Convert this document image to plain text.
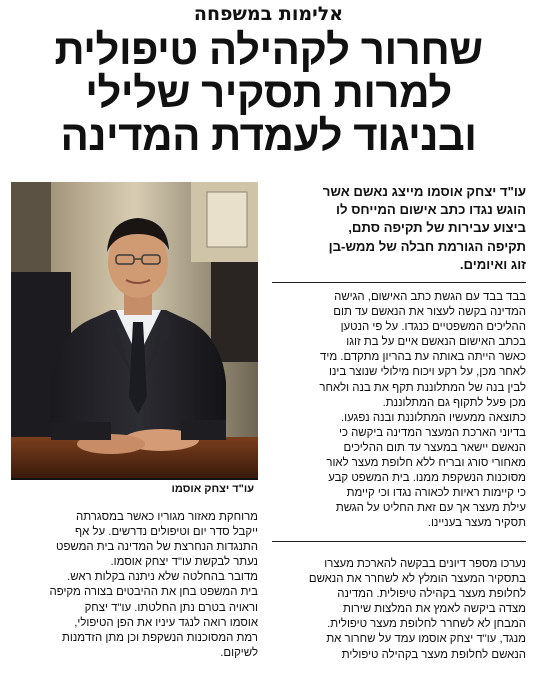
אלימות במשפחה
שחרור לקהילה טיפולית
למרות תסקיר שלילי
ובניגוד לעמדת המדינה
עו"ד יצחק אוסמו

עו"ד יצחק אוסמו מייצג נאשם אשר

הוגש נגדו כתב אישום המייחס לו

ביצוע עבירות של תקיפה סתם,

תקיפה הגורמת חבלה של ממש-בן

זוג ואיומים.

בבד בבד עם הגשת כתב האישום, הגישה

המדינה בקשה לעצור את הנאשם עד תום

ההליכים המשפטיים כנגדו. על פי הנטען

בכתב האישום הנאשם איים על בת זוגו

כאשר הייתה באותה עת בהריון מתקדם. מיד

לאחר מכן, על רקע ויכוח מילולי שנוצר בינו

לבין בנה של המתלוננת תקף את בנה ולאחר

מכן פעל לתקוף גם המתלוננת.

כתוצאה ממעשיו המתלוננת ובנה נפגעו.

בדיוני הארכת המעצר המדינה ביקשה כי

הנאשם יישאר במעצר עד תום ההליכים

מאחורי סורג ובריח ללא חלופת מעצר לאור

מסוכנות הנשקפת ממנו. בית המשפט קבע

כי קיימות ראיות לכאורה נגדו וכי קיימת

עילת מעצר אך עם זאת החליט על הגשת

תסקיר מעצר בעניינו.

נערכו מספר דיונים בבקשה להארכת מעצרו

בתסקיר המעצר הומלץ לא לשחרר את הנאשם

לחלופת מעצר בקהילה טיפולית. המדינה

מצדה ביקשה לאמץ את המלצות שירות

המבחן לא לשחרר לחלופת מעצר טיפולית.

מנגד, עו"ד יצחק אוסמו עמד על שחרור את

הנאשם לחלופת מעצר בקהילה טיפולית

מרוחקת מאזור מגוריו כאשר במסגרתה

ייקבל סדר יום וטיפולים נדרשים. על אף

התנגדות הנחרצת של המדינה בית המשפט

נעתר לבקשת עו"ד יצחק אוסמו.

מדובר בהחלטה שלא ניתנה בקלות ראש.

בית המשפט בחן את ההיבטים בצורה מקיפה

וראויה בטרם נתן החלטתו. עו"ד יצחק

אוסמו רואה לנגד עיניו את הפן הטיפולי,

רמת המסוכנות הנשקפת וכן מתן הזדמנות

לשיקום.
